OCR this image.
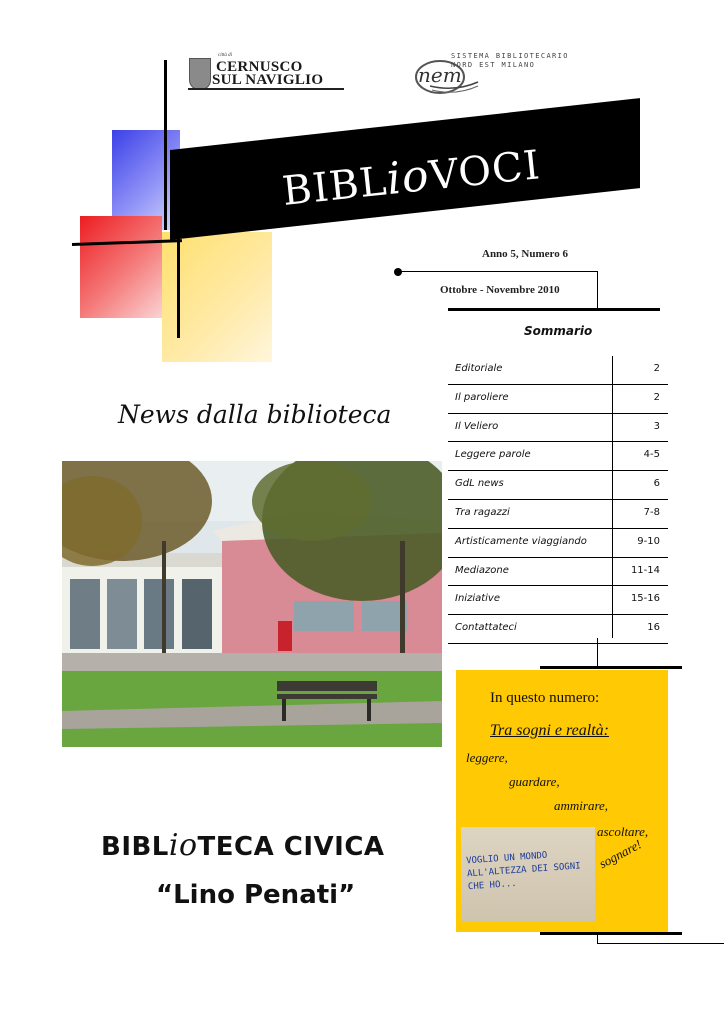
città di
CERNUSCO
SUL NAVIGLIO	nem
SISTEMA BIBLIOTECARIO
NORD EST MILANO
BIBLioVOCI
Anno 5, Numero 6
Ottobre - Novembre 2010
Sommario
Editoriale	2
Il paroliere	2
Il Veliero	3
Leggere parole	4-5
GdL news	6
Tra ragazzi	7-8
Artisticamente viaggiando	9-10
Mediazone	11-14
Iniziative	15-16
Contattateci	16
News dalla biblioteca
BIBLioTECA CIVICA
“Lino Penati”
In questo numero:
Tra sogni e realtà:
leggere,
guardare,
ammirare,
VOGLIO UN MONDO ALL'ALTEZZA DEI SOGNI CHE HO...
ascoltare,
sognare!
